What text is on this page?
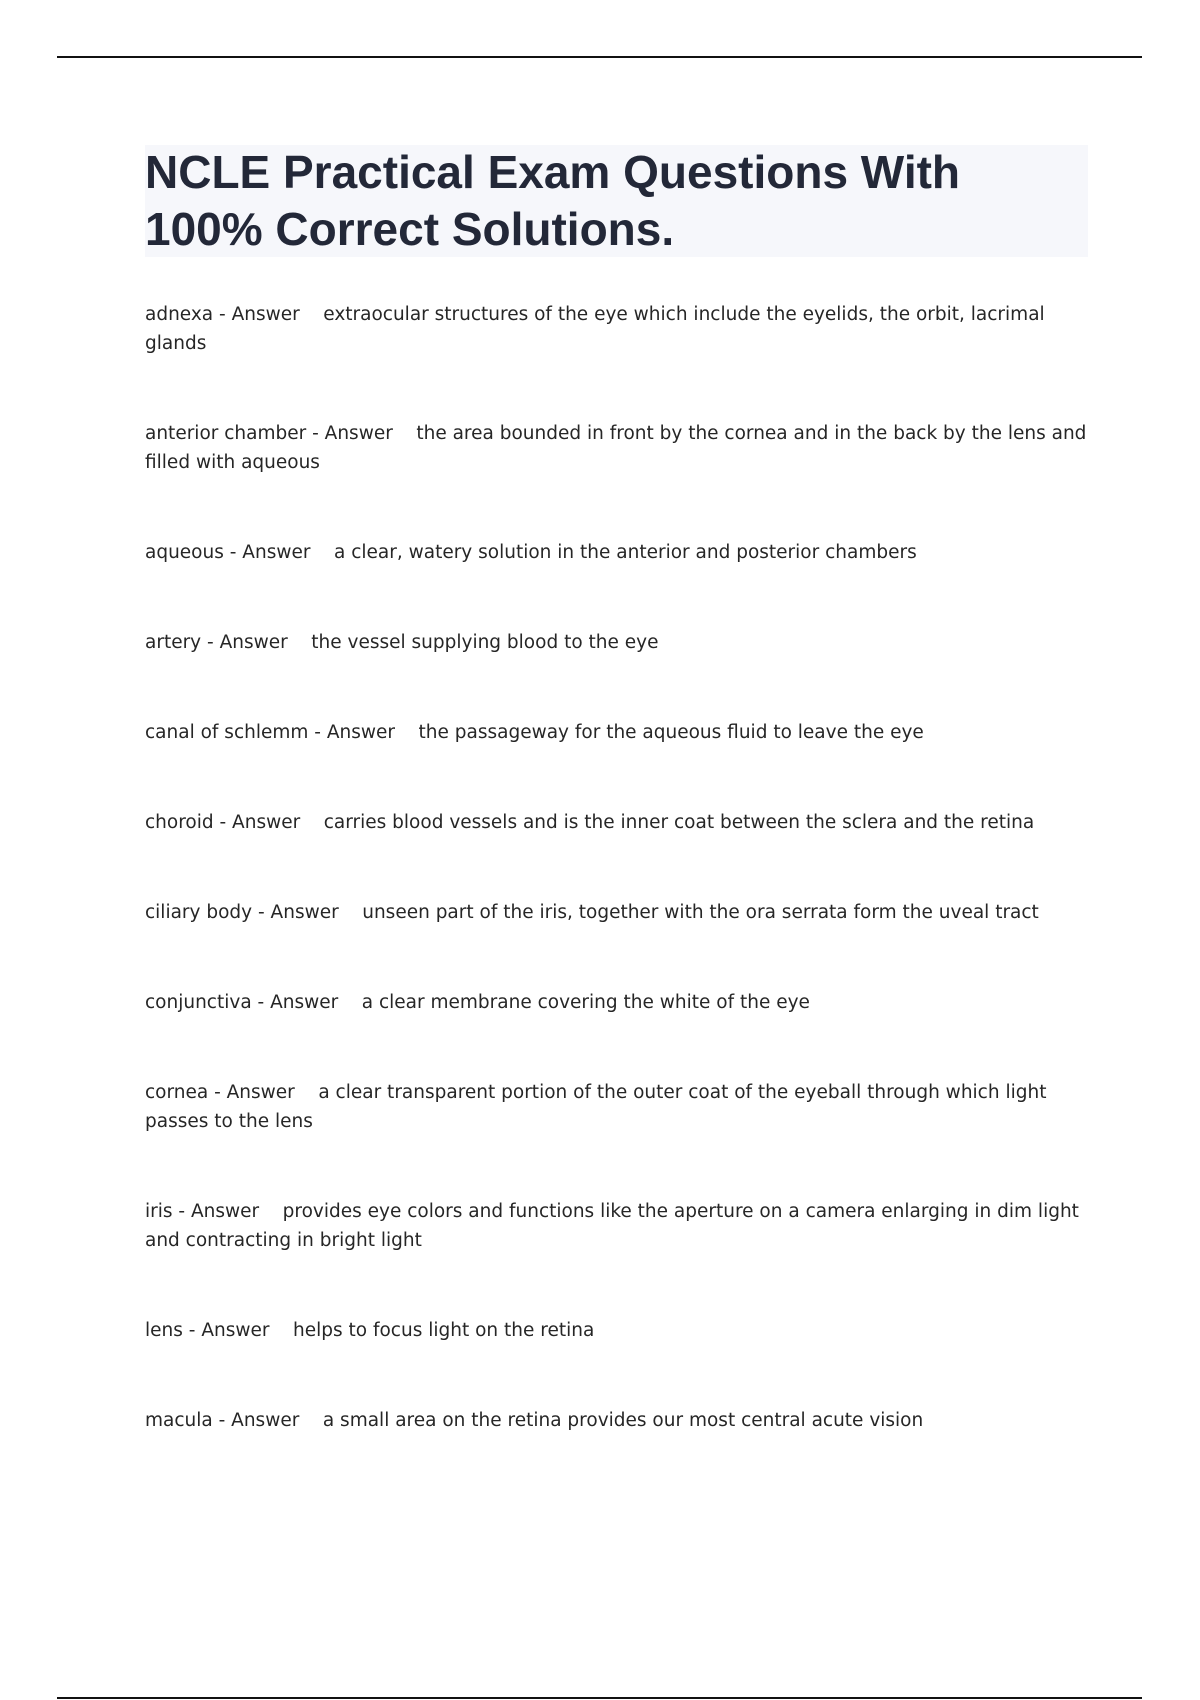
NCLE Practical Exam Questions With 100% Correct Solutions.

adnexa - Answer extraocular structures of the eye which include the eyelids, the orbit, lacrimal glands

anterior chamber - Answer the area bounded in front by the cornea and in the back by the lens and filled with aqueous

aqueous - Answer a clear, watery solution in the anterior and posterior chambers

artery - Answer the vessel supplying blood to the eye

canal of schlemm - Answer the passageway for the aqueous fluid to leave the eye

choroid - Answer carries blood vessels and is the inner coat between the sclera and the retina

ciliary body - Answer unseen part of the iris, together with the ora serrata form the uveal tract

conjunctiva - Answer a clear membrane covering the white of the eye

cornea - Answer a clear transparent portion of the outer coat of the eyeball through which light passes to the lens

iris - Answer provides eye colors and functions like the aperture on a camera enlarging in dim light and contracting in bright light

lens - Answer helps to focus light on the retina

macula - Answer a small area on the retina provides our most central acute vision
